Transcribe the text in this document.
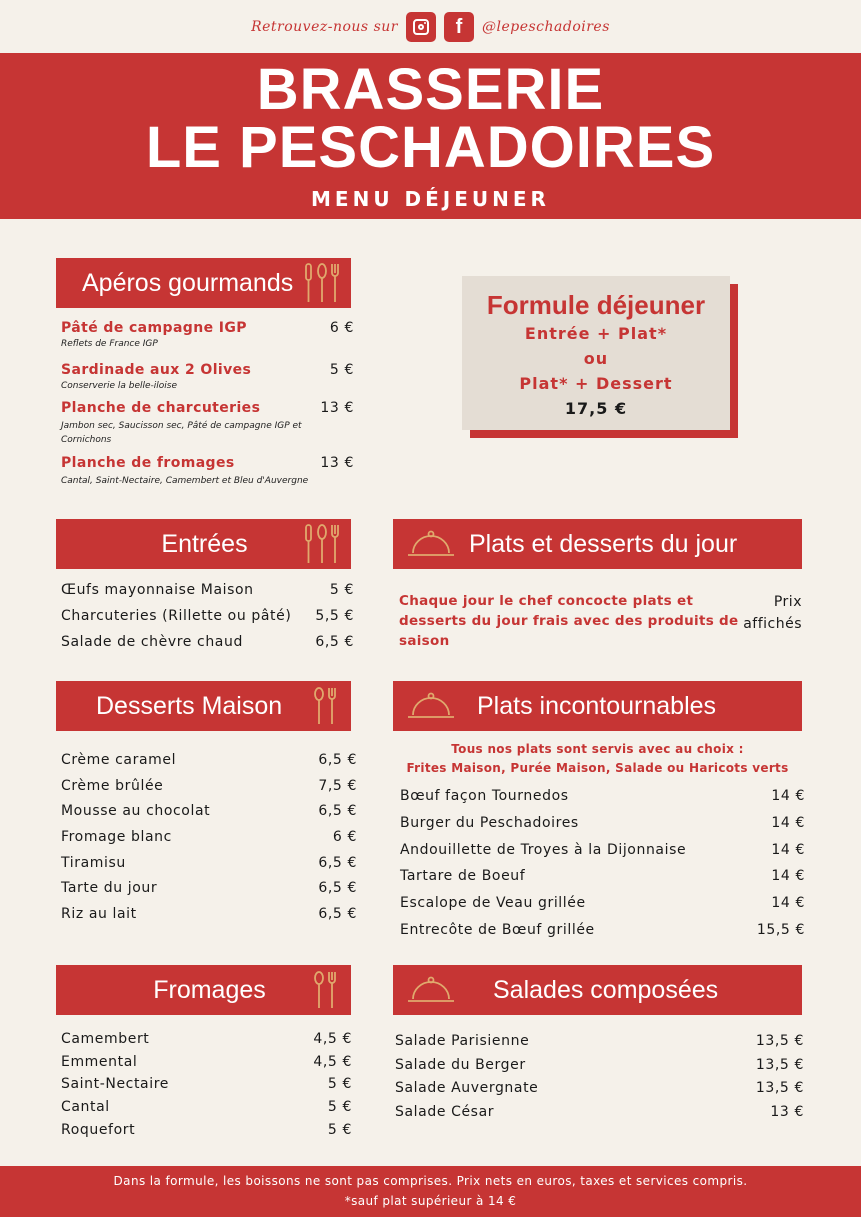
Retrouvez-nous sur	f	@lepeschadoires
BRASSERIE
LE PESCHADOIRES
MENU DÉJEUNER
Apéros gourmands
Pâté de campagne IGP	6 €
Reflets de France IGP
Sardinade aux 2 Olives	5 €
Conserverie la belle-iloise
Planche de charcuteries	13 €
Jambon sec, Saucisson sec, Pâté de campagne IGP et Cornichons
Planche de fromages	13 €
Cantal, Saint-Nectaire, Camembert et Bleu d'Auvergne
Formule déjeuner
Entrée + Plat*
ou
Plat* + Dessert
17,5 €
Entrées
Œufs mayonnaise Maison	5 €
Charcuteries (Rillette ou pâté) 5,5 €
Salade de chèvre chaud	6,5 €
Plats et desserts du jour
Chaque jour le chef concocte plats et desserts du jour frais avec des produits de saison
Prix affichés
Desserts Maison
Crème caramel	6,5 €
Crème brûlée	7,5 €
Mousse au chocolat	6,5 €
Fromage blanc	6 €
Tiramisu	6,5 €
Tarte du jour	6,5 €
Riz au lait	6,5 €
Plats incontournables
Tous nos plats sont servis avec au choix :
Frites Maison, Purée Maison, Salade ou Haricots verts
Bœuf façon Tournedos	14 €
Burger du Peschadoires	14 €
Andouillette de Troyes à la Dijonnaise	14 €
Tartare de Boeuf	14 €
Escalope de Veau grillée	14 €
Entrecôte de Bœuf grillée	15,5 €
Fromages
Camembert	4,5 €
Emmental	4,5 €
Saint-Nectaire	5 €
Cantal	5 €
Roquefort	5 €
Salades composées
Salade Parisienne	13,5 €
Salade du Berger	13,5 €
Salade Auvergnate	13,5 €
Salade César	13 €
Dans la formule, les boissons ne sont pas comprises. Prix nets en euros, taxes et services compris.
*sauf plat supérieur à 14 €
